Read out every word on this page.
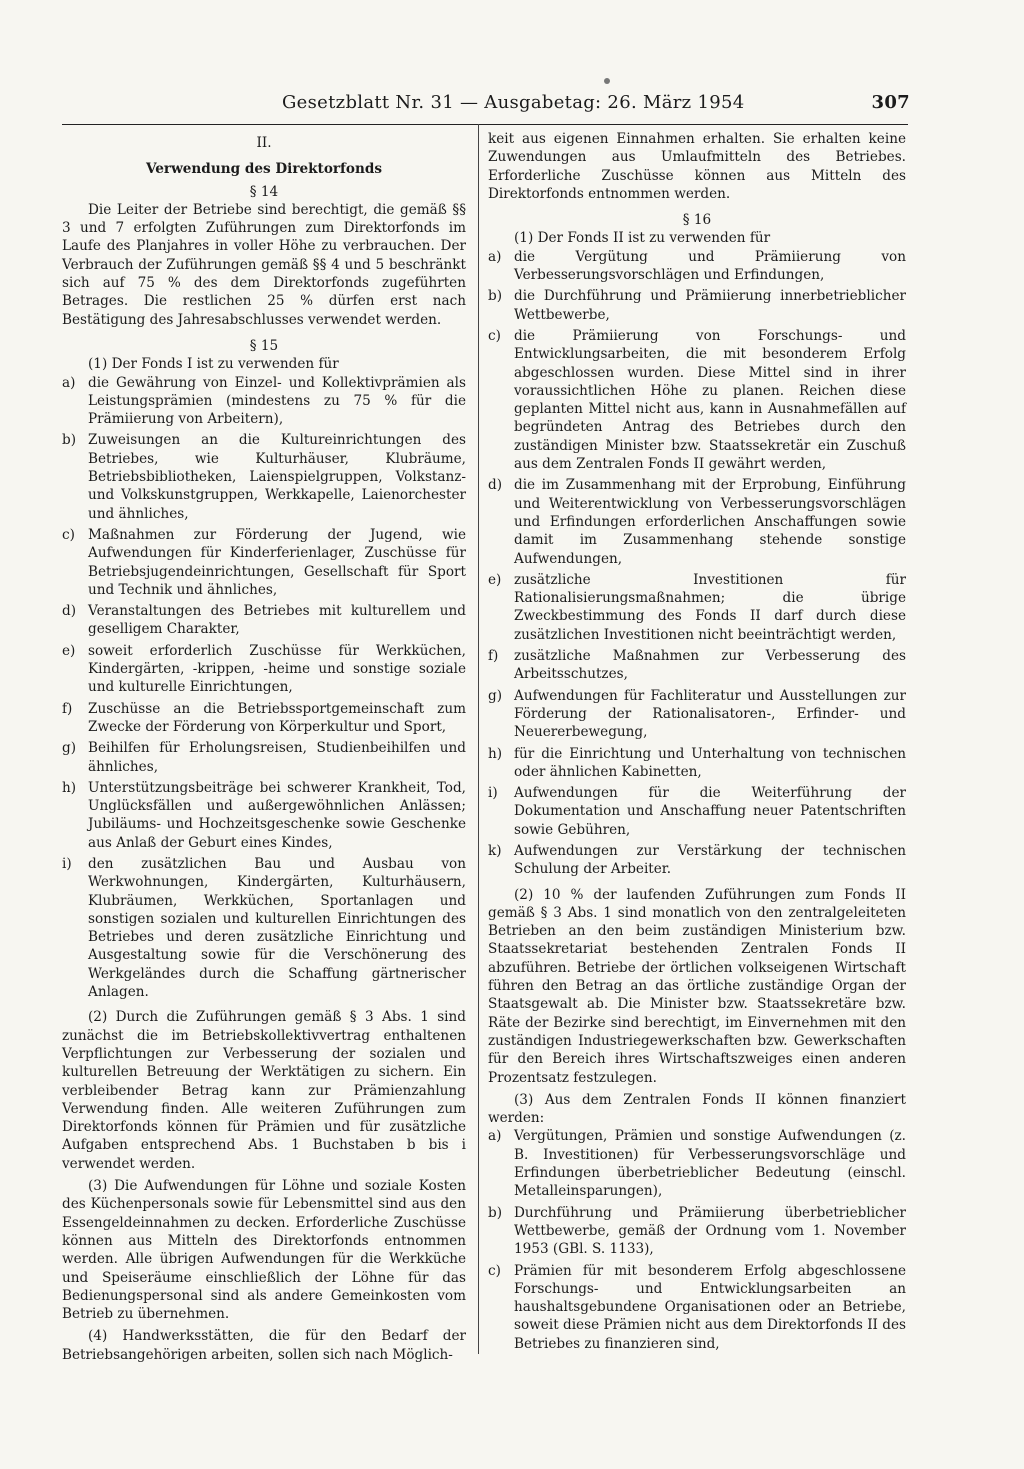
Gesetzblatt Nr. 31 — Ausgabetag: 26. März 1954	307

II.

Verwendung des Direktorfonds

§ 14

Die Leiter der Betriebe sind berechtigt, die gemäß §§ 3 und 7 erfolgten Zuführungen zum Direktorfonds im Laufe des Planjahres in voller Höhe zu verbrauchen. Der Verbrauch der Zuführungen gemäß §§ 4 und 5 beschränkt sich auf 75 % des dem Direktorfonds zugeführten Betrages. Die restlichen 25 % dürfen erst nach Bestätigung des Jahresabschlusses verwendet werden.

§ 15

(1) Der Fonds I ist zu verwenden für

a) die Gewährung von Einzel- und Kollektivprämien als Leistungsprämien (mindestens zu 75 % für die Prämiierung von Arbeitern),
b) Zuweisungen an die Kultureinrichtungen des Betriebes, wie Kulturhäuser, Klubräume, Betriebsbibliotheken, Laienspielgruppen, Volkstanz- und Volkskunstgruppen, Werkkapelle, Laienorchester und ähnliches,
c) Maßnahmen zur Förderung der Jugend, wie Aufwendungen für Kinderferienlager, Zuschüsse für Betriebsjugendeinrichtungen, Gesellschaft für Sport und Technik und ähnliches,
d) Veranstaltungen des Betriebes mit kulturellem und geselligem Charakter,
e) soweit erforderlich Zuschüsse für Werkküchen, Kindergärten, -krippen, -heime und sonstige soziale und kulturelle Einrichtungen,
f)	Zuschüsse an die Betriebssportgemeinschaft zum Zwecke der Förderung von Körperkultur und Sport,
g) Beihilfen für Erholungsreisen, Studienbeihilfen und ähnliches,
h) Unterstützungsbeiträge bei schwerer Krankheit, Tod, Unglücksfällen und außergewöhnlichen Anlässen; Jubiläums- und Hochzeitsgeschenke sowie Geschenke aus Anlaß der Geburt eines Kindes,
i)	den zusätzlichen Bau und Ausbau von Werkwohnungen, Kindergärten, Kulturhäusern, Klubräumen, Werkküchen, Sportanlagen und sonstigen sozialen und kulturellen Einrichtungen des Betriebes und deren zusätzliche Einrichtung und Ausgestaltung sowie für die Verschönerung des Werkgeländes durch die Schaffung gärtnerischer Anlagen.

(2) Durch die Zuführungen gemäß § 3 Abs. 1 sind zunächst die im Betriebskollektivvertrag enthaltenen Verpflichtungen zur Verbesserung der sozialen und kulturellen Betreuung der Werktätigen zu sichern. Ein verbleibender Betrag kann zur Prämienzahlung Verwendung finden. Alle weiteren Zuführungen zum Direktorfonds können für Prämien und für zusätzliche Aufgaben entsprechend Abs. 1 Buchstaben b bis i verwendet werden.

(3) Die Aufwendungen für Löhne und soziale Kosten des Küchenpersonals sowie für Lebensmittel sind aus den Essengeldeinnahmen zu decken. Erforderliche Zuschüsse können aus Mitteln des Direktorfonds entnommen werden. Alle übrigen Aufwendungen für die Werkküche und Speiseräume einschließlich der Löhne für das Bedienungspersonal sind als andere Gemeinkosten vom Betrieb zu übernehmen.

(4) Handwerksstätten, die für den Bedarf der Betriebsangehörigen arbeiten, sollen sich nach Möglich-

keit aus eigenen Einnahmen erhalten. Sie erhalten keine Zuwendungen aus Umlaufmitteln des Betriebes. Erforderliche Zuschüsse können aus Mitteln des Direktorfonds entnommen werden.

§ 16

(1) Der Fonds II ist zu verwenden für

a) die Vergütung und Prämiierung von Verbesserungsvorschlägen und Erfindungen,
b) die Durchführung und Prämiierung innerbetrieblicher Wettbewerbe,
c) die Prämiierung von Forschungs- und Entwicklungsarbeiten, die mit besonderem Erfolg abgeschlossen wurden. Diese Mittel sind in ihrer voraussichtlichen Höhe zu planen. Reichen diese geplanten Mittel nicht aus, kann in Ausnahmefällen auf begründeten Antrag des Betriebes durch den zuständigen Minister bzw. Staatssekretär ein Zuschuß aus dem Zentralen Fonds II gewährt werden,
d) die im Zusammenhang mit der Erprobung, Einführung und Weiterentwicklung von Verbesserungsvorschlägen und Erfindungen erforderlichen Anschaffungen sowie damit im Zusammenhang stehende sonstige Aufwendungen,
e) zusätzliche Investitionen für Rationalisierungsmaßnahmen; die übrige Zweckbestimmung des Fonds II darf durch diese zusätzlichen Investitionen nicht beeinträchtigt werden,
f)	zusätzliche Maßnahmen zur Verbesserung des Arbeitsschutzes,
g) Aufwendungen für Fachliteratur und Ausstellungen zur Förderung der Rationalisatoren-, Erfinder- und Neuererbewegung,
h) für die Einrichtung und Unterhaltung von technischen oder ähnlichen Kabinetten,
i)	Aufwendungen für die Weiterführung der Dokumentation und Anschaffung neuer Patentschriften sowie Gebühren,
k) Aufwendungen zur Verstärkung der technischen Schulung der Arbeiter.

(2) 10 % der laufenden Zuführungen zum Fonds II gemäß § 3 Abs. 1 sind monatlich von den zentralgeleiteten Betrieben an den beim zuständigen Ministerium bzw. Staatssekretariat bestehenden Zentralen Fonds II abzuführen. Betriebe der örtlichen volkseigenen Wirtschaft führen den Betrag an das örtliche zuständige Organ der Staatsgewalt ab. Die Minister bzw. Staatssekretäre bzw. Räte der Bezirke sind berechtigt, im Einvernehmen mit den zuständigen Industriegewerkschaften bzw. Gewerkschaften für den Bereich ihres Wirtschaftszweiges einen anderen Prozentsatz festzulegen.

(3) Aus dem Zentralen Fonds II können finanziert werden:

a) Vergütungen, Prämien und sonstige Aufwendungen (z. B. Investitionen) für Verbesserungsvorschläge und Erfindungen überbetrieblicher Bedeutung (einschl. Metalleinsparungen),
b) Durchführung und Prämiierung überbetrieblicher Wettbewerbe, gemäß der Ordnung vom 1. November 1953 (GBl. S. 1133),
c) Prämien für mit besonderem Erfolg abgeschlossene Forschungs- und Entwicklungsarbeiten an haushaltsgebundene Organisationen oder an Betriebe, soweit diese Prämien nicht aus dem Direktorfonds II des Betriebes zu finanzieren sind,
